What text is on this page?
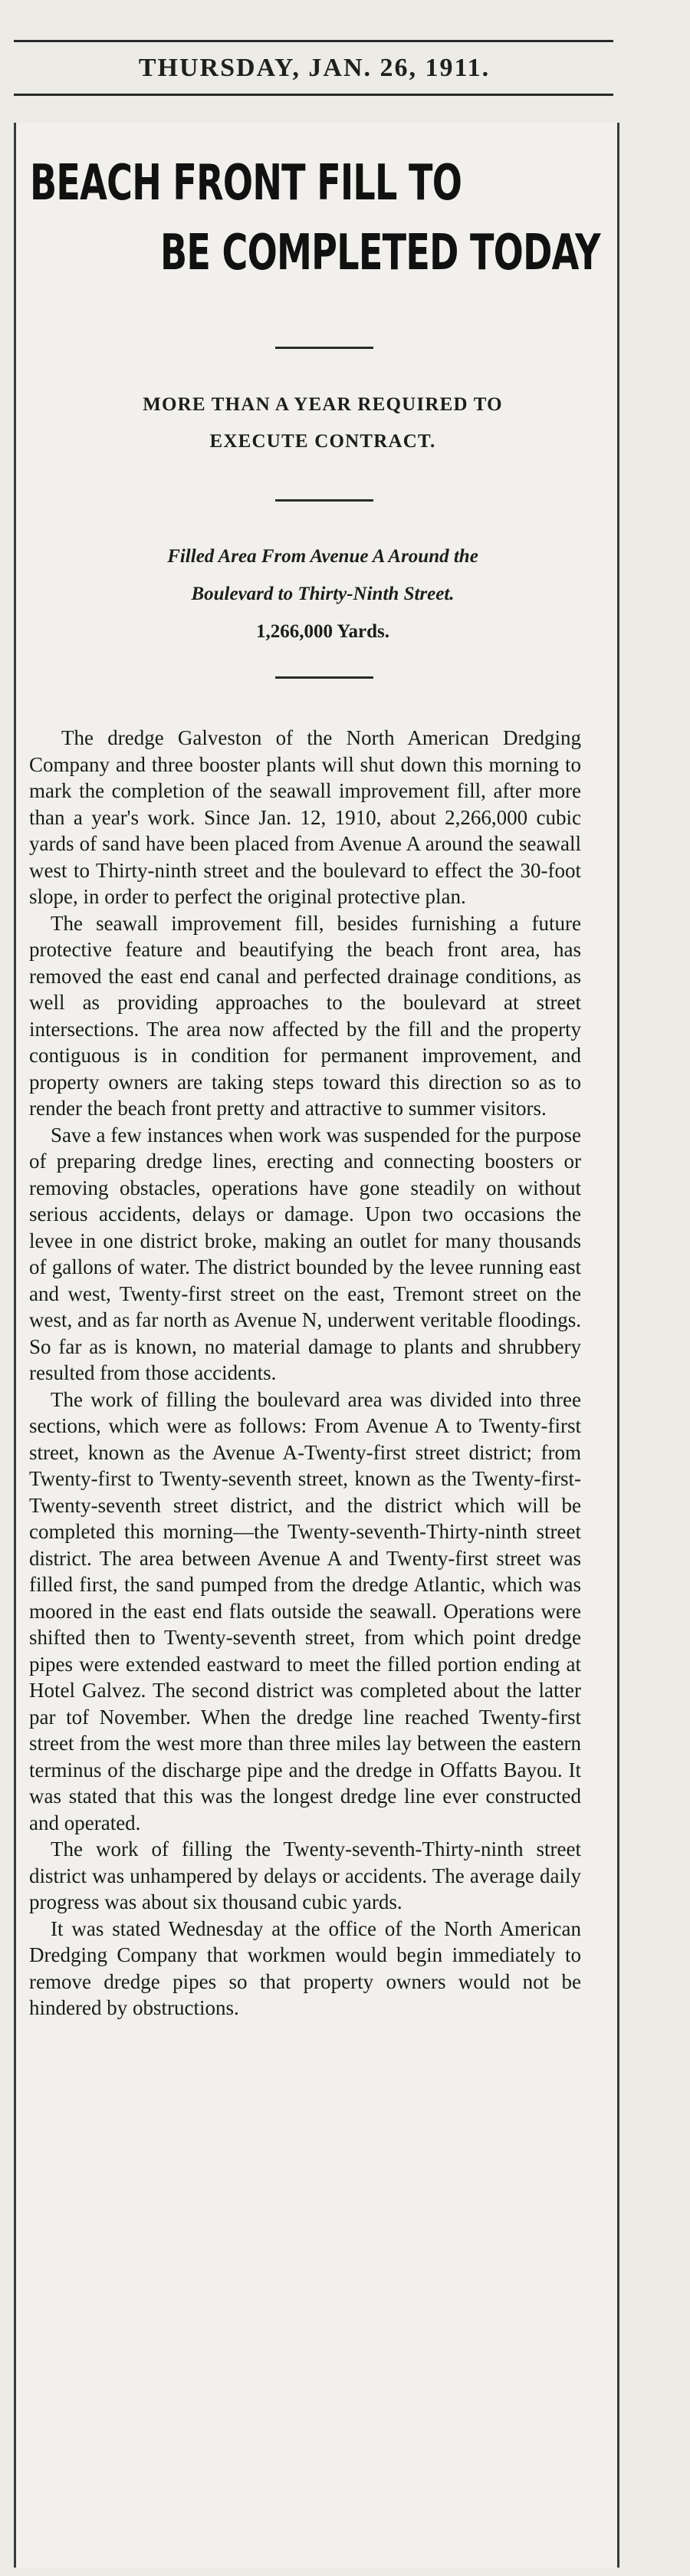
THURSDAY, JAN. 26, 1911.
BEACH FRONT FILL TO
BE COMPLETED TODAY
MORE THAN A YEAR REQUIRED TO
EXECUTE CONTRACT.
Filled Area From Avenue A Around the
Boulevard to Thirty-Ninth Street.
1,266,000 Yards.

The dredge Galveston of the North American Dredging Company and three booster plants will shut down this morning to mark the completion of the seawall improvement fill, after more than a year's work. Since Jan. 12, 1910, about 2,266,000 cubic yards of sand have been placed from Avenue A around the seawall west to Thirty-ninth street and the boulevard to effect the 30-foot slope, in order to perfect the original protective plan.

The seawall improvement fill, besides furnishing a future protective feature and beautifying the beach front area, has removed the east end canal and perfected drainage conditions, as well as providing approaches to the boulevard at street intersections. The area now affected by the fill and the property contiguous is in condition for permanent improvement, and property owners are taking steps toward this direction so as to render the beach front pretty and attractive to summer visitors.

Save a few instances when work was suspended for the purpose of preparing dredge lines, erecting and connecting boosters or removing obstacles, operations have gone steadily on without serious accidents, delays or damage. Upon two occasions the levee in one district broke, making an outlet for many thousands of gallons of water. The district bounded by the levee running east and west, Twenty-first street on the east, Tremont street on the west, and as far north as Avenue N, underwent veritable floodings. So far as is known, no material damage to plants and shrubbery resulted from those accidents.

The work of filling the boulevard area was divided into three sections, which were as follows: From Avenue A to Twenty-first street, known as the Avenue A-Twenty-first street district; from Twenty-first to Twenty-seventh street, known as the Twenty-first-Twenty-seventh street district, and the district which will be completed this morning—the Twenty-seventh-Thirty-ninth street district. The area between Avenue A and Twenty-first street was filled first, the sand pumped from the dredge Atlantic, which was moored in the east end flats outside the seawall. Operations were shifted then to Twenty-seventh street, from which point dredge pipes were extended eastward to meet the filled portion ending at Hotel Galvez. The second district was completed about the latter par tof November. When the dredge line reached Twenty-first street from the west more than three miles lay between the eastern terminus of the discharge pipe and the dredge in Offatts Bayou. It was stated that this was the longest dredge line ever constructed and operated.

The work of filling the Twenty-seventh-Thirty-ninth street district was unhampered by delays or accidents. The average daily progress was about six thousand cubic yards.

It was stated Wednesday at the office of the North American Dredging Company that workmen would begin immediately to remove dredge pipes so that property owners would not be hindered by obstructions.
